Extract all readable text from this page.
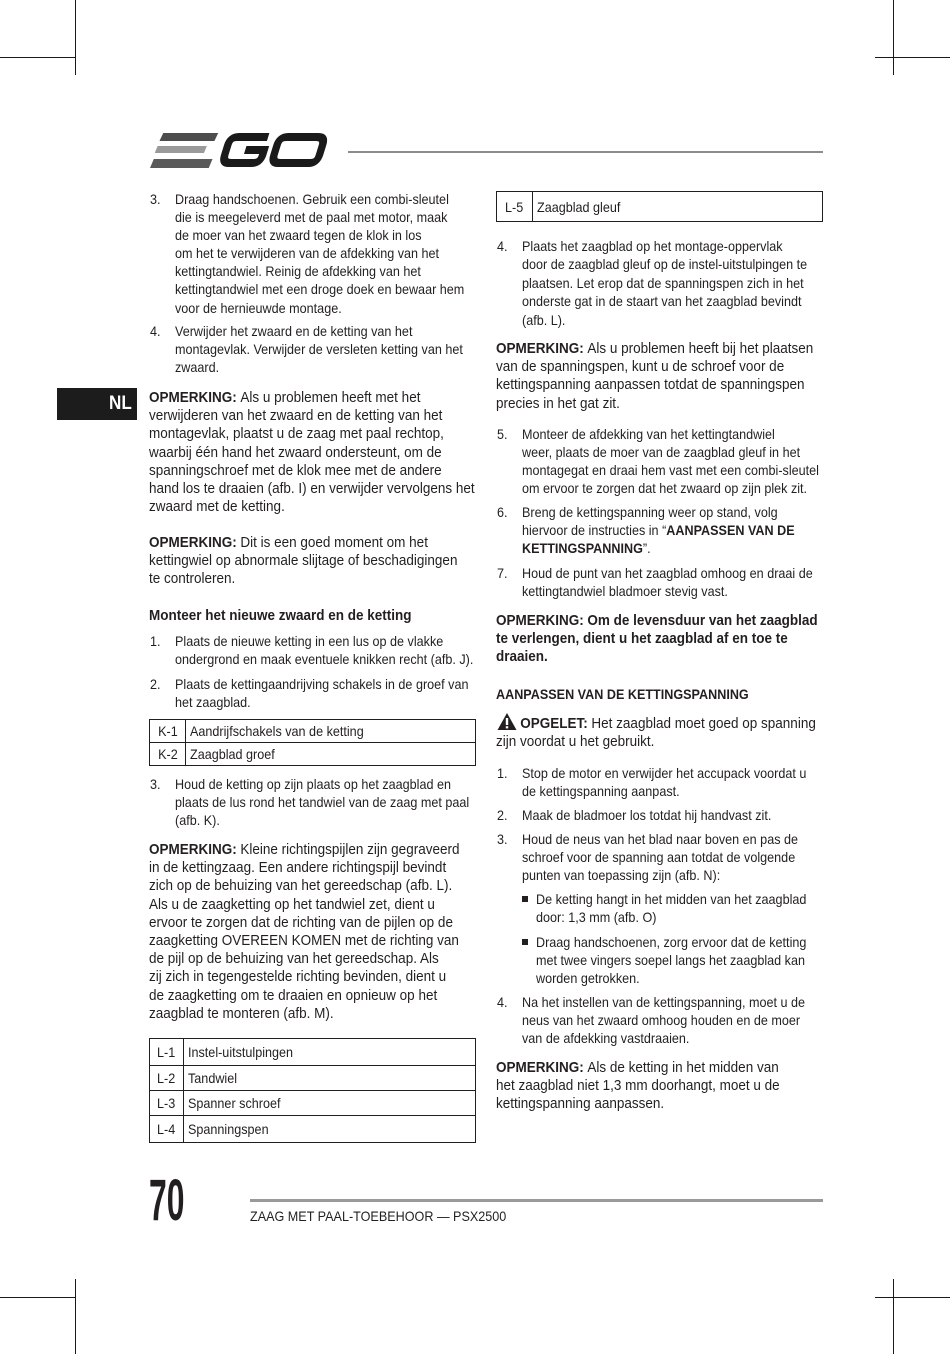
NL
3. Draag handschoenen. Gebruik een combi-sleutel
die is meegeleverd met de paal met motor, maak
de moer van het zwaard tegen de klok in los
om het te verwijderen van de afdekking van het
kettingtandwiel. Reinig de afdekking van het
kettingtandwiel met een droge doek en bewaar hem
voor de hernieuwde montage.
4. Verwijder het zwaard en de ketting van het
montagevlak. Verwijder de versleten ketting van het
zwaard.
OPMERKING: Als u problemen heeft met het
verwijderen van het zwaard en de ketting van het
montagevlak, plaatst u de zaag met paal rechtop,
waarbij één hand het zwaard ondersteunt, om de
spanningschroef met de klok mee met de andere
hand los te draaien (afb. I) en verwijder vervolgens het
zwaard met de ketting.
OPMERKING: Dit is een goed moment om het
kettingwiel op abnormale slijtage of beschadigingen
te controleren.
Monteer het nieuwe zwaard en de ketting
1. Plaats de nieuwe ketting in een lus op de vlakke
ondergrond en maak eventuele knikken recht (afb. J).
2. Plaats de kettingaandrijving schakels in de groef van
het zaagblad.
K-1 Aandrijfschakels van de ketting
K-2 Zaagblad groef
3. Houd de ketting op zijn plaats op het zaagblad en
plaats de lus rond het tandwiel van de zaag met paal
(afb. K).
OPMERKING: Kleine richtingspijlen zijn gegraveerd
in de kettingzaag. Een andere richtingspijl bevindt
zich op de behuizing van het gereedschap (afb. L).
Als u de zaagketting op het tandwiel zet, dient u
ervoor te zorgen dat de richting van de pijlen op de
zaagketting OVEREEN KOMEN met de richting van
de pijl op de behuizing van het gereedschap. Als
zij zich in tegengestelde richting bevinden, dient u
de zaagketting om te draaien en opnieuw op het
zaagblad te monteren (afb. M).
L-1 Instel-uitstulpingen
L-2 Tandwiel
L-3 Spanner schroef
L-4 Spanningspen
L-5 Zaagblad gleuf
4. Plaats het zaagblad op het montage-oppervlak
door de zaagblad gleuf op de instel-uitstulpingen te
plaatsen. Let erop dat de spanningspen zich in het
onderste gat in de staart van het zaagblad bevindt
(afb. L).
OPMERKING: Als u problemen heeft bij het plaatsen
van de spanningspen, kunt u de schroef voor de
kettingspanning aanpassen totdat de spanningspen
precies in het gat zit.
5. Monteer de afdekking van het kettingtandwiel
weer, plaats de moer van de zaagblad gleuf in het
montagegat en draai hem vast met een combi-sleutel
om ervoor te zorgen dat het zwaard op zijn plek zit.
6. Breng de kettingspanning weer op stand, volg
hiervoor de instructies in “AANPASSEN VAN DE
KETTINGSPANNING”.
7. Houd de punt van het zaagblad omhoog en draai de
kettingtandwiel bladmoer stevig vast.
OPMERKING: Om de levensduur van het zaagblad
te verlengen, dient u het zaagblad af en toe te
draaien.
AANPASSEN VAN DE KETTINGSPANNING
OPGELET: Het zaagblad moet goed op spanning
zijn voordat u het gebruikt.
1. Stop de motor en verwijder het accupack voordat u
de kettingspanning aanpast.
2. Maak de bladmoer los totdat hij handvast zit.
3. Houd de neus van het blad naar boven en pas de
schroef voor de spanning aan totdat de volgende
punten van toepassing zijn (afb. N):
De ketting hangt in het midden van het zaagblad
door: 1,3 mm (afb. O)
Draag handschoenen, zorg ervoor dat de ketting
met twee vingers soepel langs het zaagblad kan
worden getrokken.
4. Na het instellen van de kettingspanning, moet u de
neus van het zwaard omhoog houden en de moer
van de afdekking vastdraaien.
OPMERKING: Als de ketting in het midden van
het zaagblad niet 1,3 mm doorhangt, moet u de
kettingspanning aanpassen.
70	ZAAG MET PAAL-TOEBEHOOR — PSX2500
